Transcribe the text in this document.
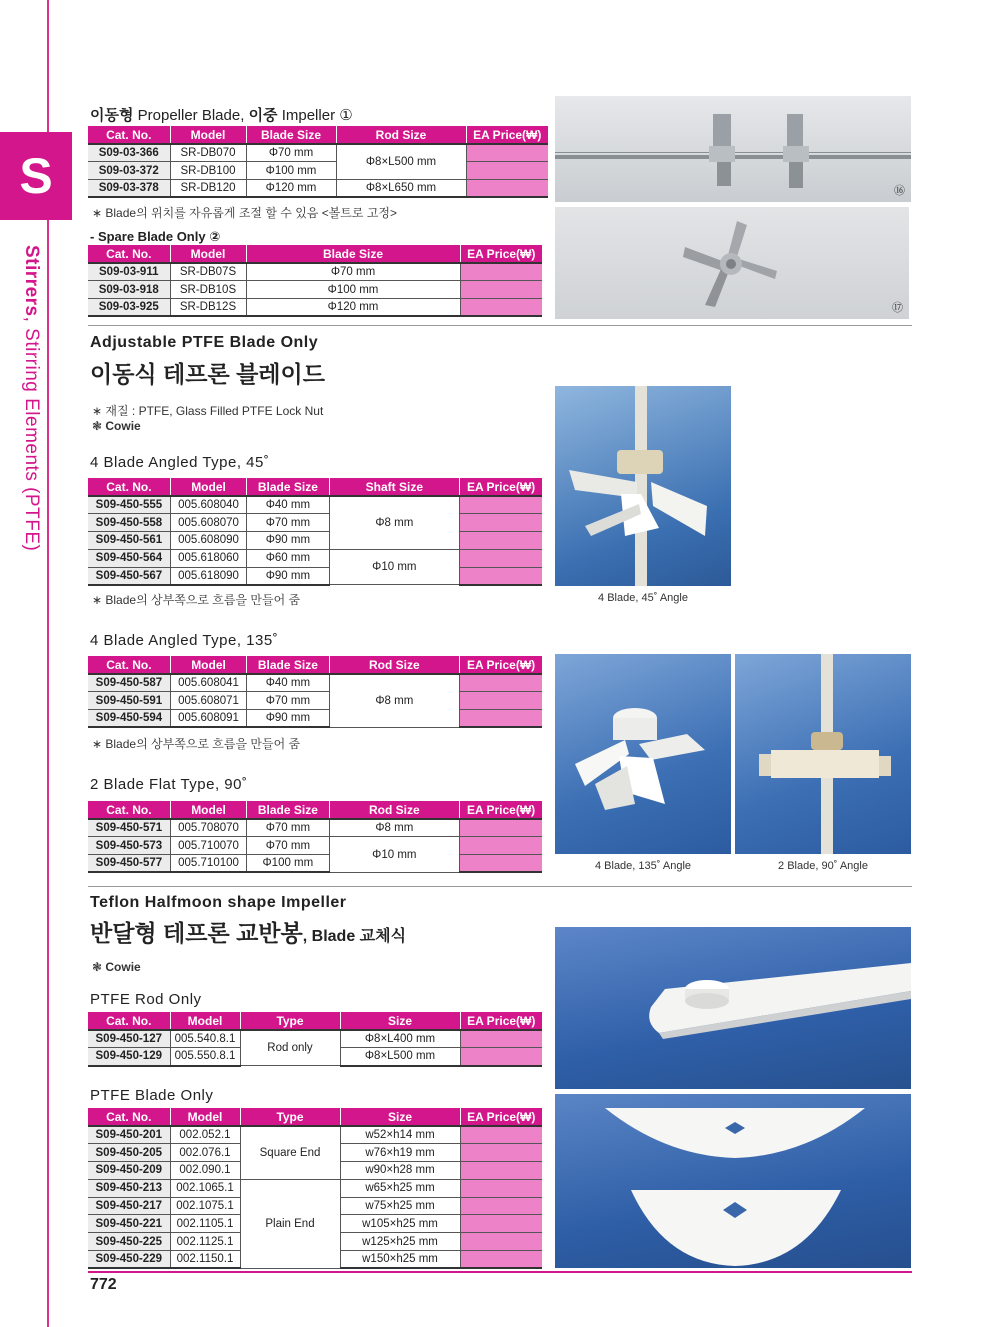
S
Stirrers, Stirring Elements (PTFE)
이동형 Propeller Blade, 이중 Impeller ①
Cat. No.	Model	Blade Size	Rod Size	EA Price(₩)
S09-03-366	SR-DB070	Φ70 mm	Φ8×L500 mm	
S09-03-372	SR-DB100	Φ100 mm		
S09-03-378	SR-DB120	Φ120 mm	Φ8×L650 mm	
∗ Blade의 위치를 자유롭게 조절 할 수 있음 <볼트로 고정>
- Spare Blade Only ②
Cat. No.	Model	Blade Size	EA Price(₩)
S09-03-911	SR-DB07S	Φ70 mm	
S09-03-918	SR-DB10S	Φ100 mm	
S09-03-925	SR-DB12S	Φ120 mm	
⑯
⑰
Adjustable PTFE Blade Only
이동식 테프론 블레이드
∗ 재질 : PTFE, Glass Filled PTFE Lock Nut
❃ Cowie
4 Blade Angled Type, 45˚
Cat. No.	Model	Blade Size	Shaft Size	EA Price(₩)
S09-450-555	005.608040	Φ40 mm	Φ8 mm	
S09-450-558	005.608070	Φ70 mm		
S09-450-561	005.608090	Φ90 mm		
S09-450-564	005.618060	Φ60 mm	Φ10 mm	
S09-450-567	005.618090	Φ90 mm		
∗ Blade의 상부쪽으로 흐름을 만들어 줌	4 Blade, 45˚ Angle
4 Blade Angled Type, 135˚
Cat. No.	Model	Blade Size	Rod Size	EA Price(₩)
S09-450-587	005.608041	Φ40 mm	Φ8 mm	
S09-450-591	005.608071	Φ70 mm		
S09-450-594	005.608091	Φ90 mm		
∗ Blade의 상부쪽으로 흐름을 만들어 줌
4 Blade, 135˚ Angle	2 Blade, 90˚ Angle
2 Blade Flat Type, 90˚
Cat. No.	Model	Blade Size	Rod Size	EA Price(₩)
S09-450-571	005.708070	Φ70 mm	Φ8 mm	
S09-450-573	005.710070	Φ70 mm	Φ10 mm	
S09-450-577	005.710100	Φ100 mm		
Teflon Halfmoon shape Impeller
반달형 테프론 교반봉, Blade 교체식
❃ Cowie
PTFE Rod Only
Cat. No.	Model	Type	Size	EA Price(₩)
S09-450-127	005.540.8.1	Rod only	Φ8×L400 mm	
S09-450-129	005.550.8.1		Φ8×L500 mm	
PTFE Blade Only
Cat. No.	Model	Type	Size	EA Price(₩)
S09-450-201	002.052.1	Square End	w52×h14 mm	
S09-450-205	002.076.1		w76×h19 mm	
S09-450-209	002.090.1		w90×h28 mm	
S09-450-213	002.1065.1	Plain End	w65×h25 mm	
S09-450-217	002.1075.1		w75×h25 mm	
S09-450-221	002.1105.1		w105×h25 mm	
S09-450-225	002.1125.1		w125×h25 mm	
S09-450-229	002.1150.1		w150×h25 mm	
772
